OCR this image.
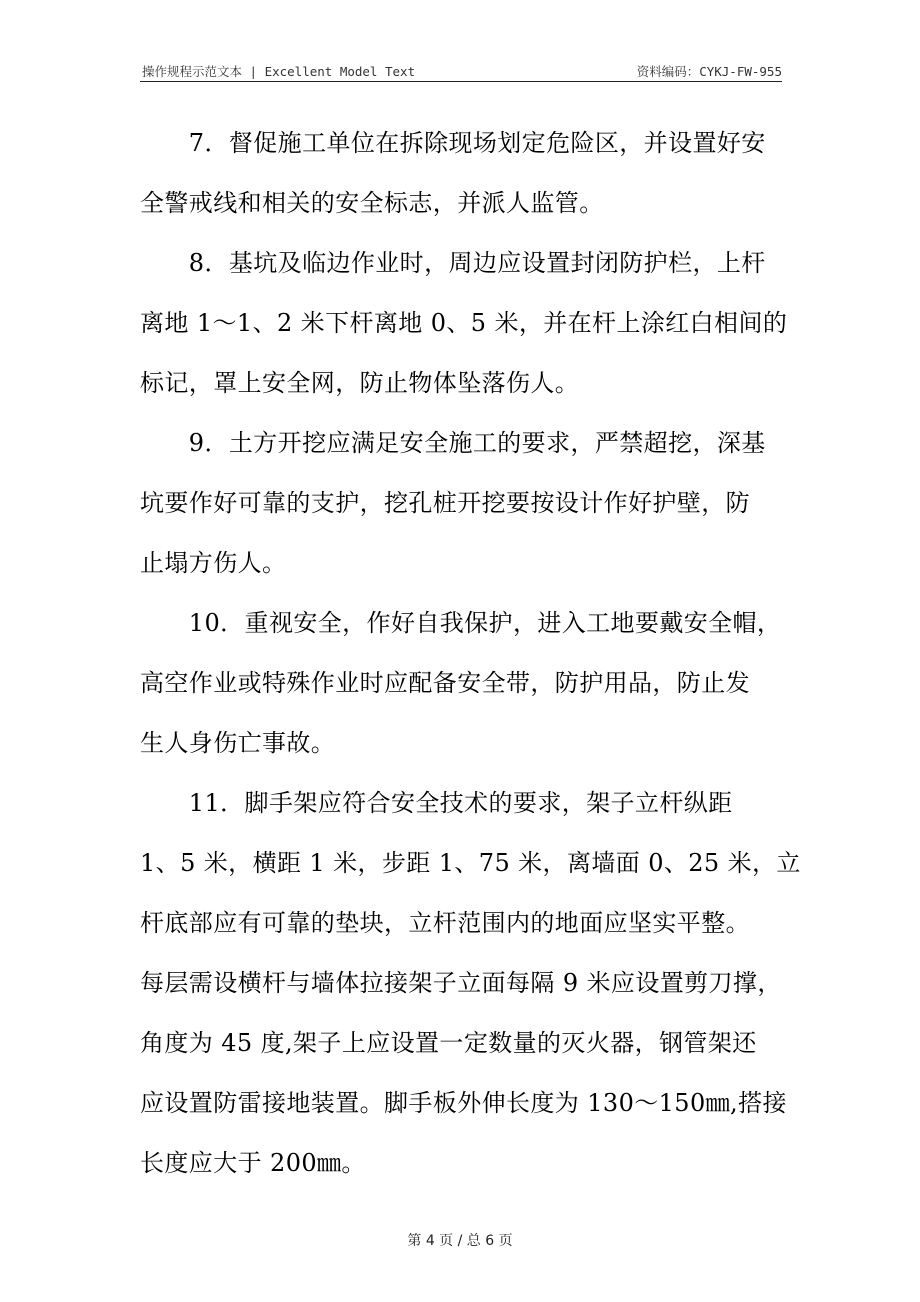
操作规程示范文本 | Excellent Model Text	资料编码：CYKJ-FW-955
　　7．督促施工单位在拆除现场划定危险区，并设置好安
全警戒线和相关的安全标志，并派人监管。
　　8．基坑及临边作业时，周边应设置封闭防护栏，上杆
离地 1～1、2 米下杆离地 0、5 米，并在杆上涂红白相间的
标记，罩上安全网，防止物体坠落伤人。
　　9．土方开挖应满足安全施工的要求，严禁超挖，深基
坑要作好可靠的支护，挖孔桩开挖要按设计作好护壁，防
止塌方伤人。
　　10．重视安全，作好自我保护，进入工地要戴安全帽，
高空作业或特殊作业时应配备安全带，防护用品，防止发
生人身伤亡事故。
　　11．脚手架应符合安全技术的要求，架子立杆纵距
1、5 米，横距 1 米，步距 1、75 米，离墙面 0、25 米，立
杆底部应有可靠的垫块，立杆范围内的地面应坚实平整。
每层需设横杆与墙体拉接架子立面每隔 9 米应设置剪刀撑，
角度为 45 度,架子上应设置一定数量的灭火器，钢管架还
应设置防雷接地装置。脚手板外伸长度为 130～150㎜,搭接
长度应大于 200㎜。
第 4 页 / 总 6 页
